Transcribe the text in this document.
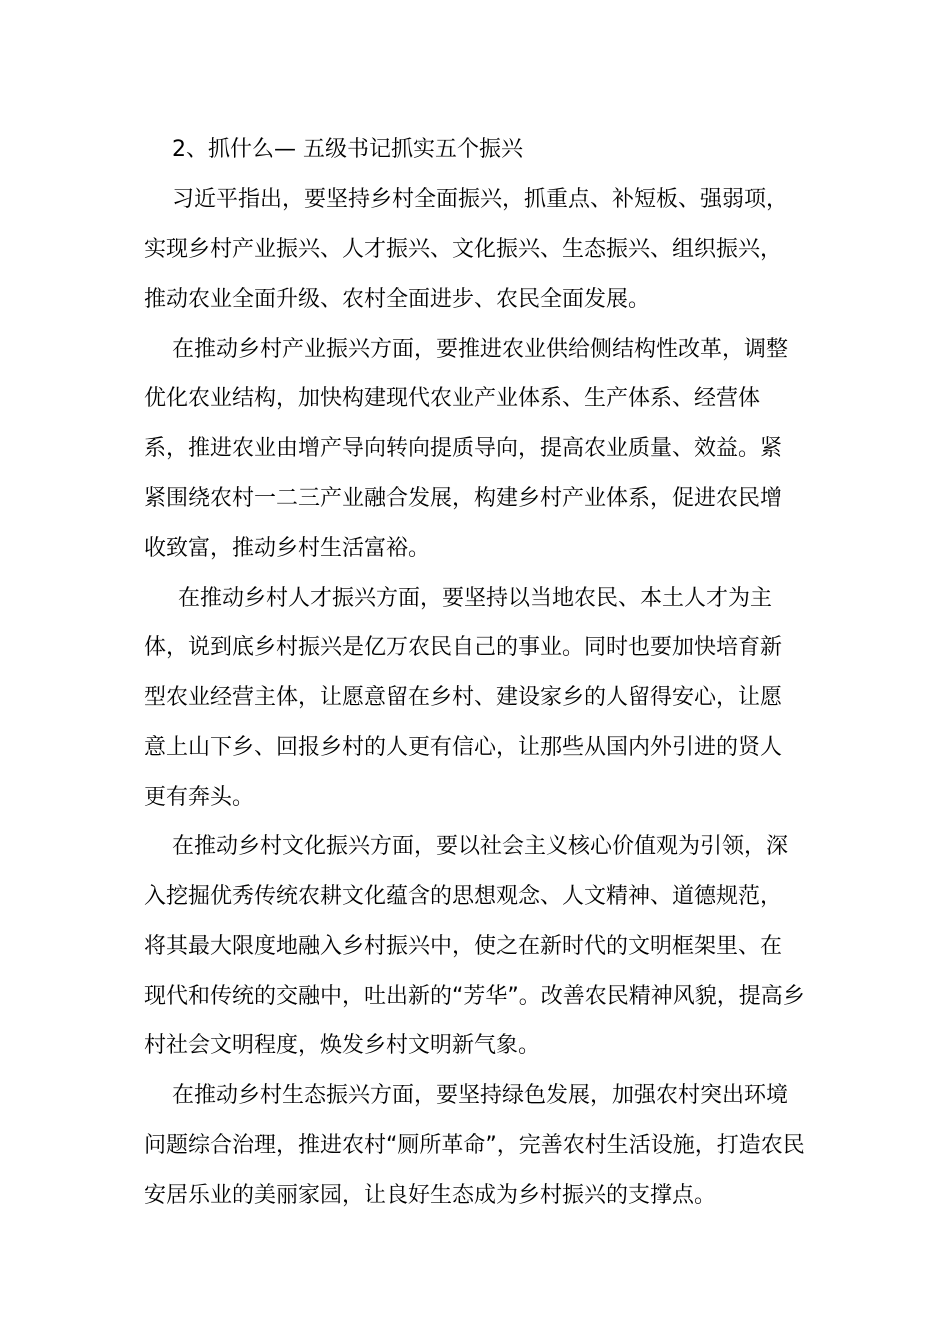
2、抓什么— 五级书记抓实五个振兴

习近平指出，要坚持乡村全面振兴，抓重点、补短板、强弱项，

实现乡村产业振兴、人才振兴、文化振兴、生态振兴、组织振兴，

推动农业全面升级、农村全面进步、农民全面发展。

在推动乡村产业振兴方面，要推进农业供给侧结构性改革，调整

优化农业结构，加快构建现代农业产业体系、生产体系、经营体

系，推进农业由增产导向转向提质导向，提高农业质量、效益。紧

紧围绕农村一二三产业融合发展，构建乡村产业体系，促进农民增

收致富，推动乡村生活富裕。

在推动乡村人才振兴方面，要坚持以当地农民、本土人才为主

体，说到底乡村振兴是亿万农民自己的事业。同时也要加快培育新

型农业经营主体，让愿意留在乡村、建设家乡的人留得安心，让愿

意上山下乡、回报乡村的人更有信心，让那些从国内外引进的贤人

更有奔头。

在推动乡村文化振兴方面，要以社会主义核心价值观为引领，深

入挖掘优秀传统农耕文化蕴含的思想观念、人文精神、道德规范，

将其最大限度地融入乡村振兴中，使之在新时代的文明框架里、在

现代和传统的交融中，吐出新的“芳华”。改善农民精神风貌，提高乡

村社会文明程度，焕发乡村文明新气象。

在推动乡村生态振兴方面，要坚持绿色发展，加强农村突出环境

问题综合治理，推进农村“厕所革命”，完善农村生活设施，打造农民

安居乐业的美丽家园，让良好生态成为乡村振兴的支撑点。
